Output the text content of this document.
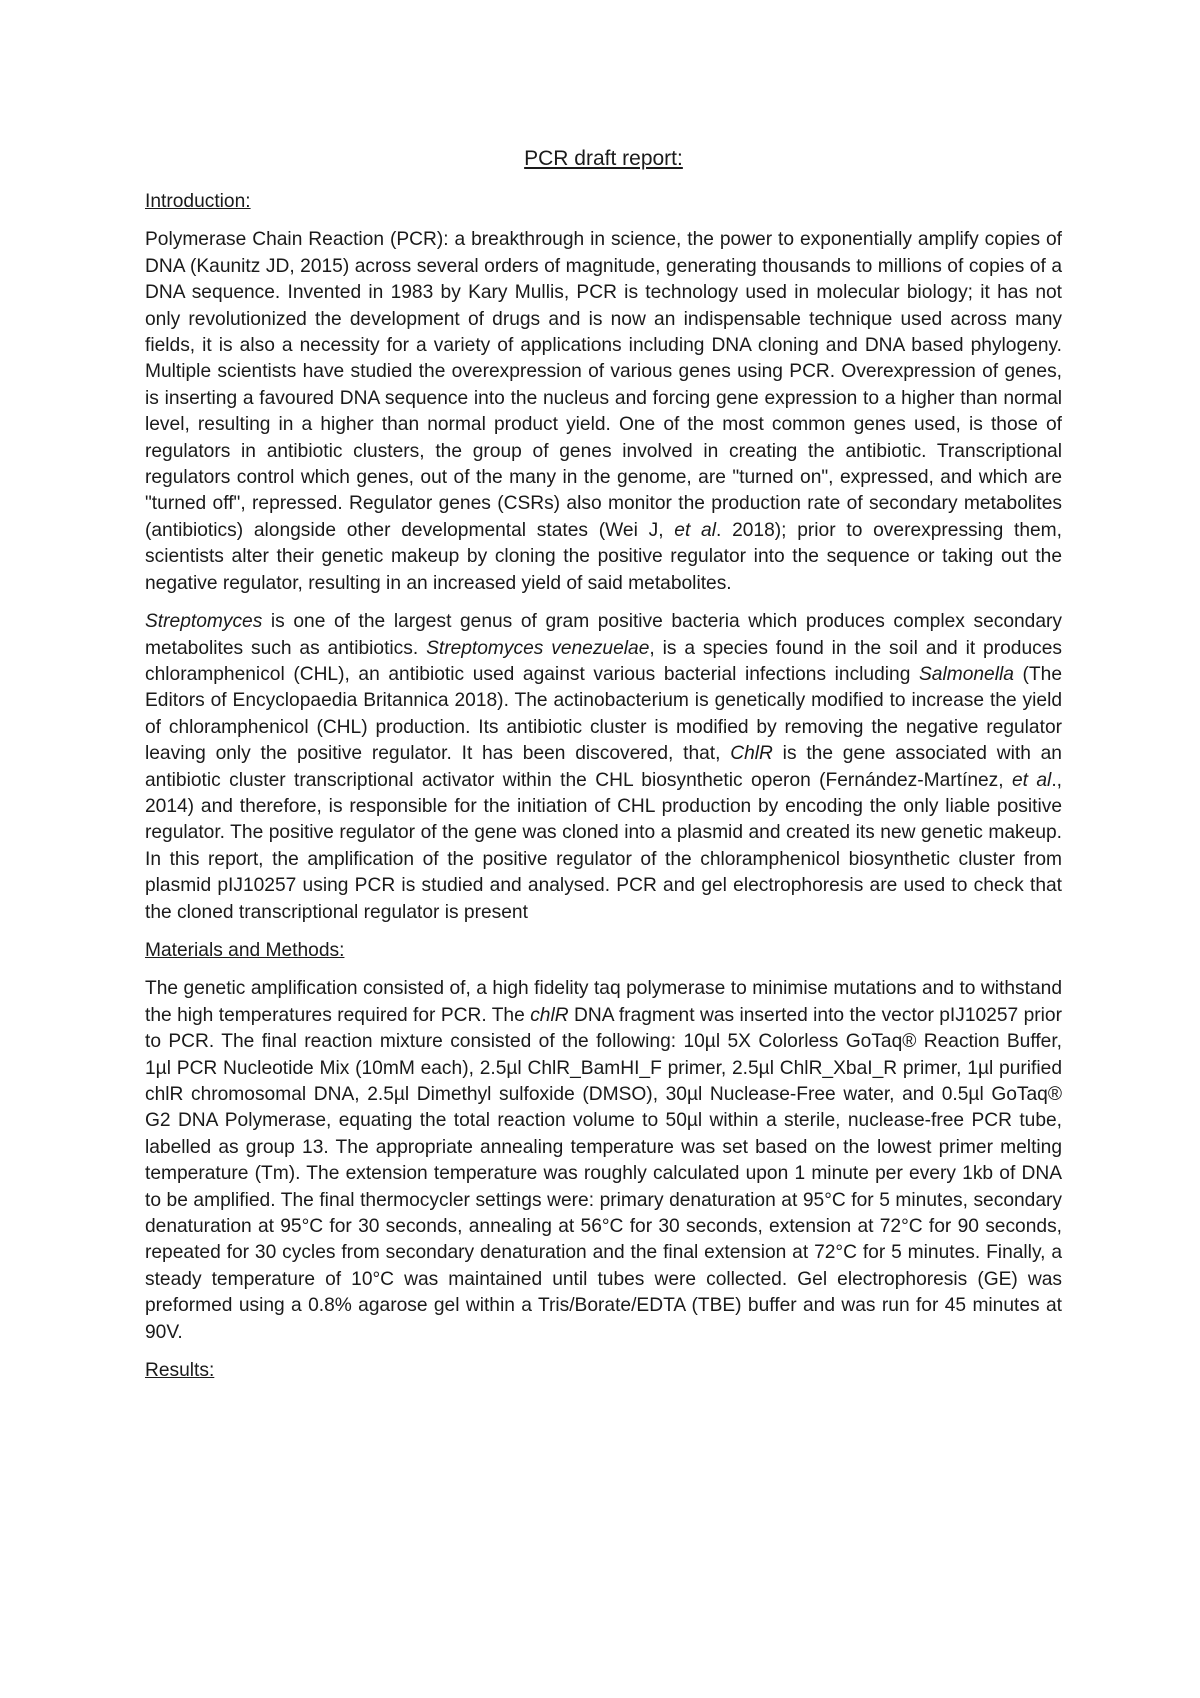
PCR draft report:
Introduction:

Polymerase Chain Reaction (PCR): a breakthrough in science, the power to exponentially amplify copies of DNA (Kaunitz JD, 2015) across several orders of magnitude, generating thousands to millions of copies of a DNA sequence. Invented in 1983 by Kary Mullis, PCR is technology used in molecular biology; it has not only revolutionized the development of drugs and is now an indispensable technique used across many fields, it is also a necessity for a variety of applications including DNA cloning and DNA based phylogeny. Multiple scientists have studied the overexpression of various genes using PCR. Overexpression of genes, is inserting a favoured DNA sequence into the nucleus and forcing gene expression to a higher than normal level, resulting in a higher than normal product yield. One of the most common genes used, is those of regulators in antibiotic clusters, the group of genes involved in creating the antibiotic. Transcriptional regulators control which genes, out of the many in the genome, are "turned on", expressed, and which are "turned off", repressed. Regulator genes (CSRs) also monitor the production rate of secondary metabolites (antibiotics) alongside other developmental states (Wei J, et al. 2018); prior to overexpressing them, scientists alter their genetic makeup by cloning the positive regulator into the sequence or taking out the negative regulator, resulting in an increased yield of said metabolites.

Streptomyces is one of the largest genus of gram positive bacteria which produces complex secondary metabolites such as antibiotics. Streptomyces venezuelae, is a species found in the soil and it produces chloramphenicol (CHL), an antibiotic used against various bacterial infections including Salmonella (The Editors of Encyclopaedia Britannica 2018). The actinobacterium is genetically modified to increase the yield of chloramphenicol (CHL) production. Its antibiotic cluster is modified by removing the negative regulator leaving only the positive regulator. It has been discovered, that, ChlR is the gene associated with an antibiotic cluster transcriptional activator within the CHL biosynthetic operon (Fernández-Martínez, et al., 2014) and therefore, is responsible for the initiation of CHL production by encoding the only liable positive regulator. The positive regulator of the gene was cloned into a plasmid and created its new genetic makeup. In this report, the amplification of the positive regulator of the chloramphenicol biosynthetic cluster from plasmid pIJ10257 using PCR is studied and analysed. PCR and gel electrophoresis are used to check that the cloned transcriptional regulator is present

Materials and Methods:

The genetic amplification consisted of, a high fidelity taq polymerase to minimise mutations and to withstand the high temperatures required for PCR. The chlR DNA fragment was inserted into the vector pIJ10257 prior to PCR. The final reaction mixture consisted of the following: 10µl 5X Colorless GoTaq® Reaction Buffer, 1µl PCR Nucleotide Mix (10mM each), 2.5µl ChlR_BamHI_F primer, 2.5µl ChlR_XbaI_R primer, 1µl purified chlR chromosomal DNA, 2.5µl Dimethyl sulfoxide (DMSO), 30µl Nuclease-Free water, and 0.5µl GoTaq® G2 DNA Polymerase, equating the total reaction volume to 50µl within a sterile, nuclease-free PCR tube, labelled as group 13. The appropriate annealing temperature was set based on the lowest primer melting temperature (Tm). The extension temperature was roughly calculated upon 1 minute per every 1kb of DNA to be amplified. The final thermocycler settings were: primary denaturation at 95°C for 5 minutes, secondary denaturation at 95°C for 30 seconds, annealing at 56°C for 30 seconds, extension at 72°C for 90 seconds, repeated for 30 cycles from secondary denaturation and the final extension at 72°C for 5 minutes. Finally, a steady temperature of 10°C was maintained until tubes were collected. Gel electrophoresis (GE) was preformed using a 0.8% agarose gel within a Tris/Borate/EDTA (TBE) buffer and was run for 45 minutes at 90V.

Results:
